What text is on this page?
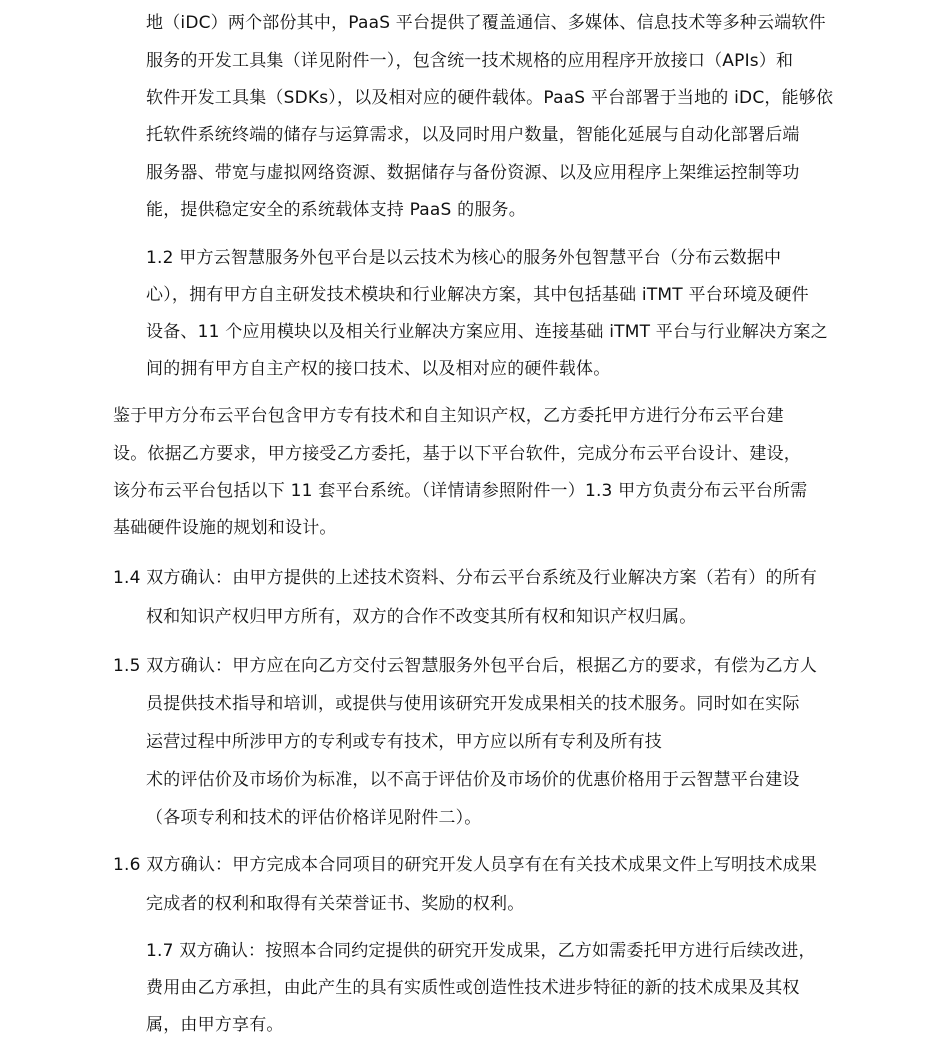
地（iDC）两个部份其中，PaaS 平台提供了覆盖通信、多媒体、信息技术等多种云端软件
服务的开发工具集（详见附件一），包含统一技术规格的应用程序开放接口（APIs）和
软件开发工具集（SDKs），以及相对应的硬件载体。PaaS 平台部署于当地的 iDC，能够依
托软件系统终端的储存与运算需求，以及同时用户数量，智能化延展与自动化部署后端
服务器、带宽与虚拟网络资源、数据储存与备份资源、以及应用程序上架维运控制等功
能，提供稳定安全的系统载体支持 PaaS 的服务。
1.2 甲方云智慧服务外包平台是以云技术为核心的服务外包智慧平台（分布云数据中
心），拥有甲方自主研发技术模块和行业解决方案，其中包括基础 iTMT 平台环境及硬件
设备、11 个应用模块以及相关行业解决方案应用、连接基础 iTMT 平台与行业解决方案之
间的拥有甲方自主产权的接口技术、以及相对应的硬件载体。
鉴于甲方分布云平台包含甲方专有技术和自主知识产权，乙方委托甲方进行分布云平台建
设。依据乙方要求，甲方接受乙方委托，基于以下平台软件，完成分布云平台设计、建设，
该分布云平台包括以下 11 套平台系统。（详情请参照附件一）1.3 甲方负责分布云平台所需
基础硬件设施的规划和设计。
1.4 双方确认：由甲方提供的上述技术资料、分布云平台系统及行业解决方案（若有）的所有
权和知识产权归甲方所有，双方的合作不改变其所有权和知识产权归属。
1.5 双方确认：甲方应在向乙方交付云智慧服务外包平台后，根据乙方的要求，有偿为乙方人
员提供技术指导和培训，或提供与使用该研究开发成果相关的技术服务。同时如在实际
运营过程中所涉甲方的专利或专有技术，甲方应以所有专利及所有技
术的评估价及市场价为标准，以不高于评估价及市场价的优惠价格用于云智慧平台建设
（各项专利和技术的评估价格详见附件二）。
1.6 双方确认：甲方完成本合同项目的研究开发人员享有在有关技术成果文件上写明技术成果
完成者的权利和取得有关荣誉证书、奖励的权利。
1.7 双方确认：按照本合同约定提供的研究开发成果，乙方如需委托甲方进行后续改进，
费用由乙方承担，由此产生的具有实质性或创造性技术进步特征的新的技术成果及其权
属，由甲方享有。
